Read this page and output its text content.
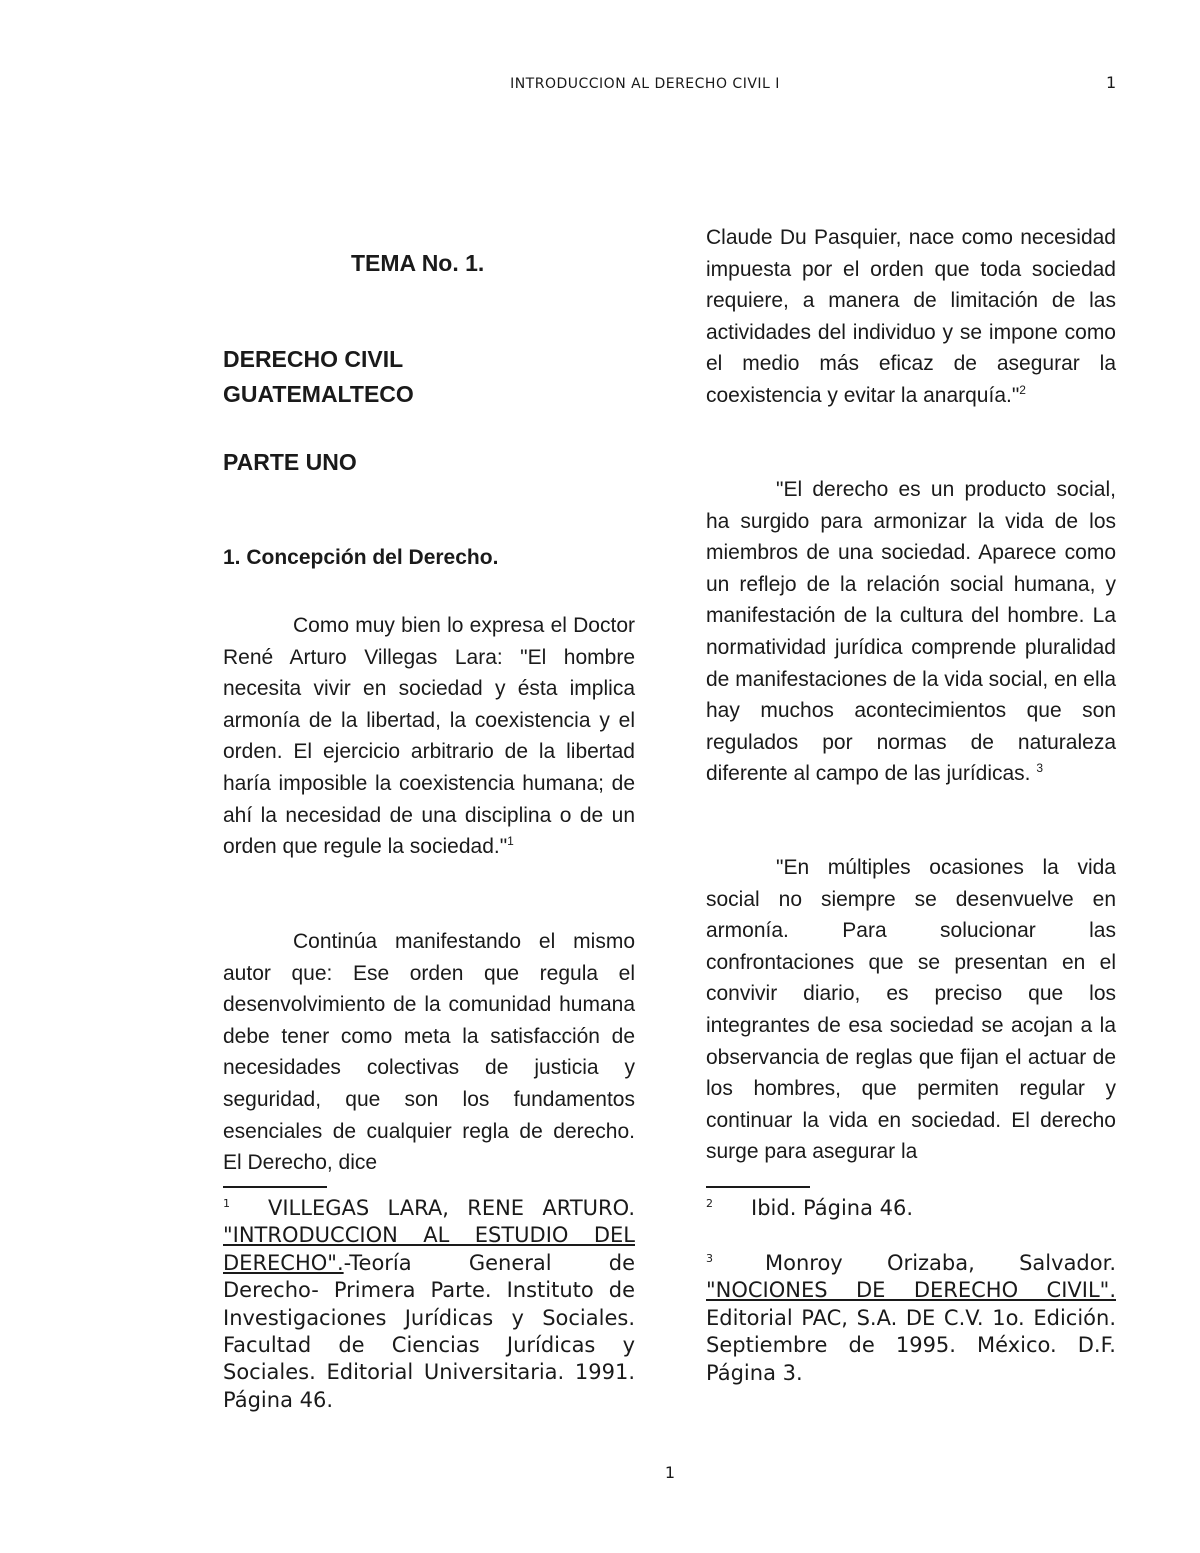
INTRODUCCION AL DERECHO CIVIL I	1

TEMA No. 1.

DERECHO CIVIL

GUATEMALTECO

PARTE UNO

1. Concepción del Derecho.

Como muy bien lo expresa el Doctor René Arturo Villegas Lara: "El hombre necesita vivir en sociedad y ésta implica armonía de la libertad, la coexistencia y el orden. El ejercicio arbitrario de la libertad haría imposible la coexistencia humana; de ahí la necesidad de una disciplina o de un orden que regule la sociedad."$^1$

Continúa manifestando el mismo autor que: Ese orden que regula el desenvolvimiento de la comunidad humana debe tener como meta la satisfacción de necesidades colectivas de justicia y seguridad, que son los fundamentos esenciales de cualquier regla de derecho. El Derecho, dice

$^1$ VILLEGAS LARA, RENE ARTURO. "INTRODUCCION AL ESTUDIO DEL DERECHO".-Teoría General de Derecho- Primera Parte. Instituto de Investigaciones Jurídicas y Sociales. Facultad de Ciencias Jurídicas y Sociales. Editorial Universitaria. 1991. Página 46.

Claude Du Pasquier, nace como necesidad impuesta por el orden que toda sociedad requiere, a manera de limitación de las actividades del individuo y se impone como el medio más eficaz de asegurar la coexistencia y evitar la anarquía."$^2$

"El derecho es un producto social, ha surgido para armonizar la vida de los miembros de una sociedad. Aparece como un reflejo de la relación social humana, y manifestación de la cultura del hombre. La normatividad jurídica comprende pluralidad de manifestaciones de la vida social, en ella hay muchos acontecimientos que son regulados por normas de naturaleza diferente al campo de las jurídicas. $^3$

"En múltiples ocasiones la vida social no siempre se desenvuelve en armonía. Para solucionar las confrontaciones que se presentan en el convivir diario, es preciso que los integrantes de esa sociedad se acojan a la observancia de reglas que fijan el actuar de los hombres, que permiten regular y continuar la vida en sociedad. El derecho surge para asegurar la

$^2$ Ibid. Página 46.

$^3$ Monroy Orizaba, Salvador. "NOCIONES DE DERECHO CIVIL". Editorial PAC, S.A. DE C.V. 1o. Edición. Septiembre de 1995. México. D.F. Página 3.

1
